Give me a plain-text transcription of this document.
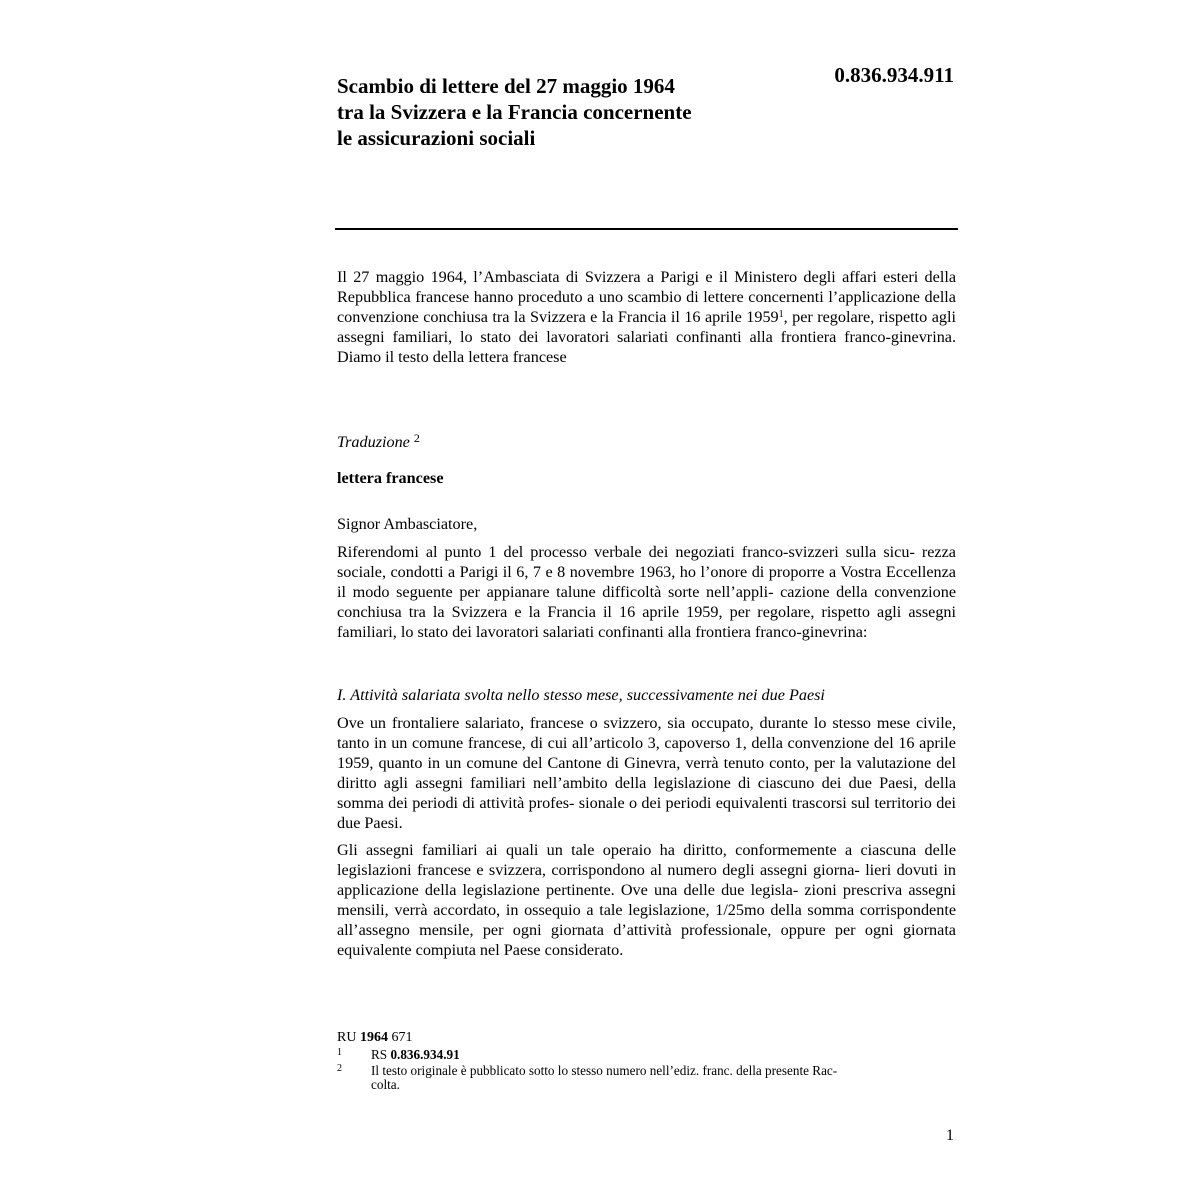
Scambio di lettere del 27 maggio 1964
tra la Svizzera e la Francia concernente
le assicurazioni sociali
0.836.934.911

Il 27 maggio 1964, l’Ambasciata di Svizzera a Parigi e il Ministero degli affari esteri della Repubblica francese hanno proceduto a uno scambio di lettere concernenti l’applicazione della convenzione conchiusa tra la Svizzera e la Francia il 16 aprile 1959$^1$, per regolare, rispetto agli assegni familiari, lo stato dei lavoratori salariati confinanti alla frontiera franco-ginevrina. Diamo il testo della lettera francese

Traduzione $^2$
lettera francese
Signor Ambasciatore,

Riferendomi al punto 1 del processo verbale dei negoziati franco-svizzeri sulla sicu- rezza sociale, condotti a Parigi il 6, 7 e 8 novembre 1963, ho l’onore di proporre a Vostra Eccellenza il modo seguente per appianare talune difficoltà sorte nell’appli- cazione della convenzione conchiusa tra la Svizzera e la Francia il 16 aprile 1959, per regolare, rispetto agli assegni familiari, lo stato dei lavoratori salariati confinanti alla frontiera franco-ginevrina:

I. Attività salariata svolta nello stesso mese, successivamente nei due Paesi

Ove un frontaliere salariato, francese o svizzero, sia occupato, durante lo stesso mese civile, tanto in un comune francese, di cui all’articolo 3, capoverso 1, della convenzione del 16 aprile 1959, quanto in un comune del Cantone di Ginevra, verrà tenuto conto, per la valutazione del diritto agli assegni familiari nell’ambito della legislazione di ciascuno dei due Paesi, della somma dei periodi di attività profes- sionale o dei periodi equivalenti trascorsi sul territorio dei due Paesi.

Gli assegni familiari ai quali un tale operaio ha diritto, conformemente a ciascuna delle legislazioni francese e svizzera, corrispondono al numero degli assegni giorna- lieri dovuti in applicazione della legislazione pertinente. Ove una delle due legisla- zioni prescriva assegni mensili, verrà accordato, in ossequio a tale legislazione, 1/25mo della somma corrispondente all’assegno mensile, per ogni giornata d’attività professionale, oppure per ogni giornata equivalente compiuta nel Paese considerato.

RU 1964 671
1 RS 0.836.934.91
2 Il testo originale è pubblicato sotto lo stesso numero nell’ediz. franc. della presente Rac-
colta.
1
